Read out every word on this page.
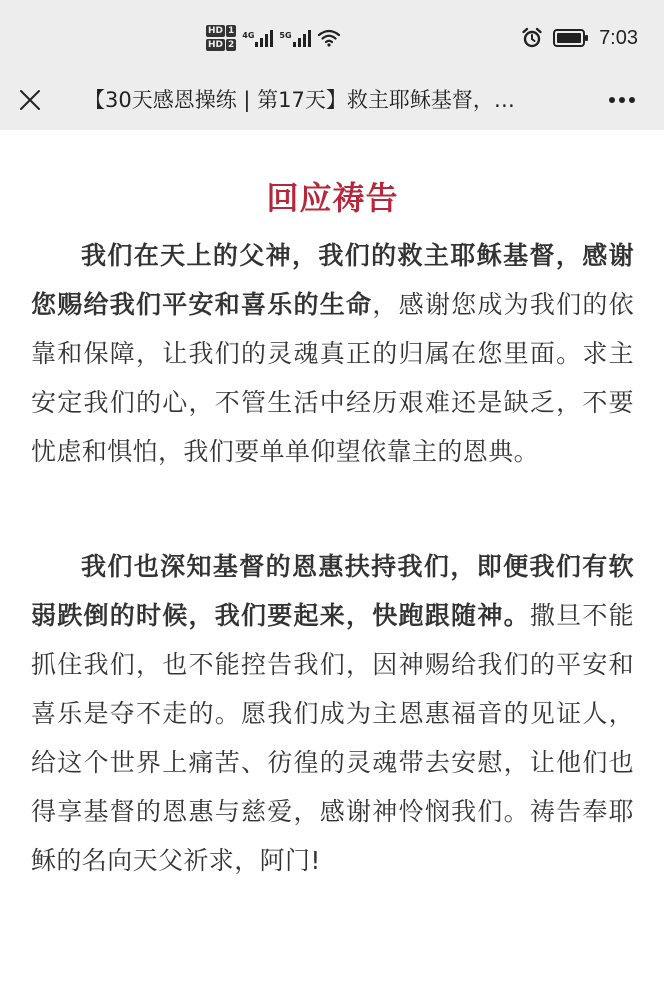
HD 1
HD 2
4G	5G	7:03
【30天感恩操练 | 第17天】救主耶稣基督，…
回应祷告

我们在天上的父神，我们的救主耶稣基督，感谢您赐给我们平安和喜乐的生命，感谢您成为我们的依靠和保障，让我们的灵魂真正的归属在您里面。求主安定我们的心，不管生活中经历艰难还是缺乏，不要忧虑和惧怕，我们要单单仰望依靠主的恩典。

我们也深知基督的恩惠扶持我们，即便我们有软弱跌倒的时候，我们要起来，快跑跟随神。撒旦不能抓住我们，也不能控告我们，因神赐给我们的平安和喜乐是夺不走的。愿我们成为主恩惠福音的见证人，给这个世界上痛苦、彷徨的灵魂带去安慰，让他们也得享基督的恩惠与慈爱，感谢神怜悯我们。祷告奉耶稣的名向天父祈求，阿门!
